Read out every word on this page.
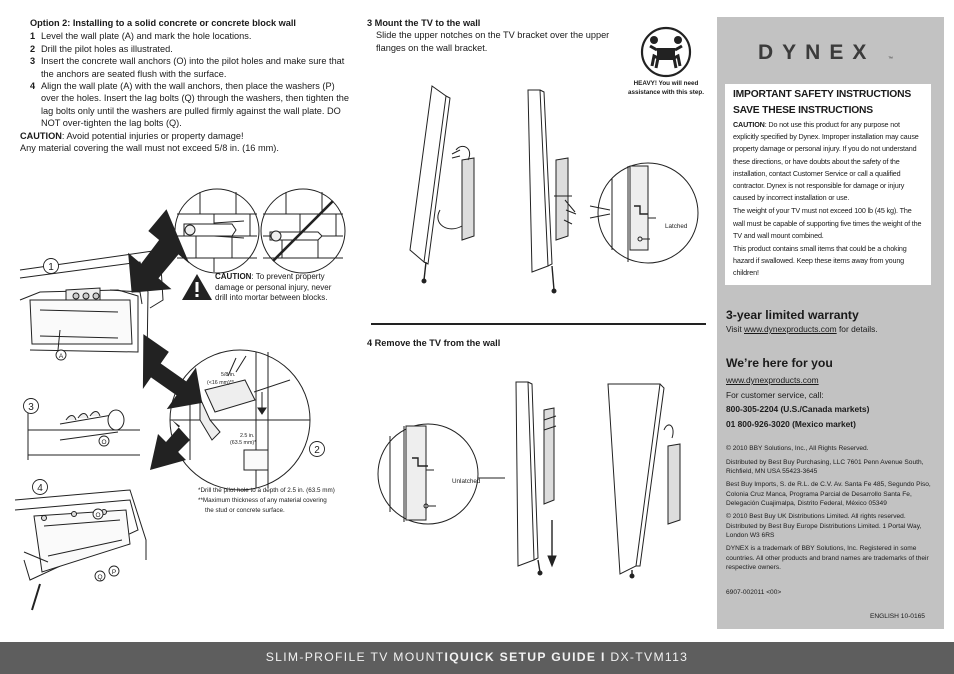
Option 2: Installing to a solid concrete or concrete block wall
1 Level the wall plate (A) and mark the hole locations.
2 Drill the pilot holes as illustrated.
3 Insert the concrete wall anchors (O) into the pilot holes and make sure that the anchors are seated flush with the surface.
4 Align the wall plate (A) with the wall anchors, then place the washers (P) over the holes. Insert the lag bolts (Q) through the washers, then tighten the lag bolts only until the washers are pulled firmly against the wall plate. DO NOT over-tighten the lag bolts (Q).
CAUTION: Avoid potential injuries or property damage!
Any material covering the wall must not exceed 5/8 in. (16 mm).
1
2
3
4
A
O
O
P
Q
5/8 in.
(<16 mm)**
2.5 in.
(63.5 mm)*
CAUTION: To prevent property damage or personal injury, never drill into mortar between blocks.
*Drill the pilot hole to a depth of 2.5 in. (63.5 mm)
**Maximum thickness of any material covering
the stud or concrete surface.
3 Mount the TV to the wall
Slide the upper notches on the TV bracket over the upper flanges on the wall bracket.
HEAVY! You will need
assistance with this step.
Latched
Unlatched
4 Remove the TV from the wall
DYNEX	™
IMPORTANT SAFETY INSTRUCTIONS
SAVE THESE INSTRUCTIONS

CAUTION: Do not use this product for any purpose not explicitly specified by Dynex. Improper installation may cause property damage or personal injury. If you do not understand these directions, or have doubts about the safety of the installation, contact Customer Service or call a qualified contractor. Dynex is not responsible for damage or injury caused by incorrect installation or use.

The weight of your TV must not exceed 100 lb (45 kg). The wall must be capable of supporting five times the weight of the TV and wall mount combined.

This product contains small items that could be a choking hazard if swallowed. Keep these items away from young children!

3-year limited warranty
Visit www.dynexproducts.com for details.
We’re here for you
www.dynexproducts.com
For customer service, call:
800-305-2204 (U.S./Canada markets)
01 800-926-3020 (Mexico market)

© 2010 BBY Solutions, Inc., All Rights Reserved.

Distributed by Best Buy Purchasing, LLC 7601 Penn Avenue South, Richfield, MN USA 55423-3645

Best Buy Imports, S. de R.L. de C.V. Av. Santa Fe 485, Segundo Piso, Colonia Cruz Manca, Programa Parcial de Desarrollo Santa Fe, Delegación Cuajimalpa, Distrito Federal, México 05349

© 2010 Best Buy UK Distributions Limited. All rights reserved. Distributed by Best Buy Europe Distributions Limited. 1 Portal Way, London W3 6RS

DYNEX is a trademark of BBY Solutions, Inc. Registered in some countries. All other products and brand names are trademarks of their respective owners.

6907-002011 <00>
ENGLISH 10-0165
SLIM-PROFILE TV MOUNT I QUICK SETUP GUIDE I DX-TVM113
